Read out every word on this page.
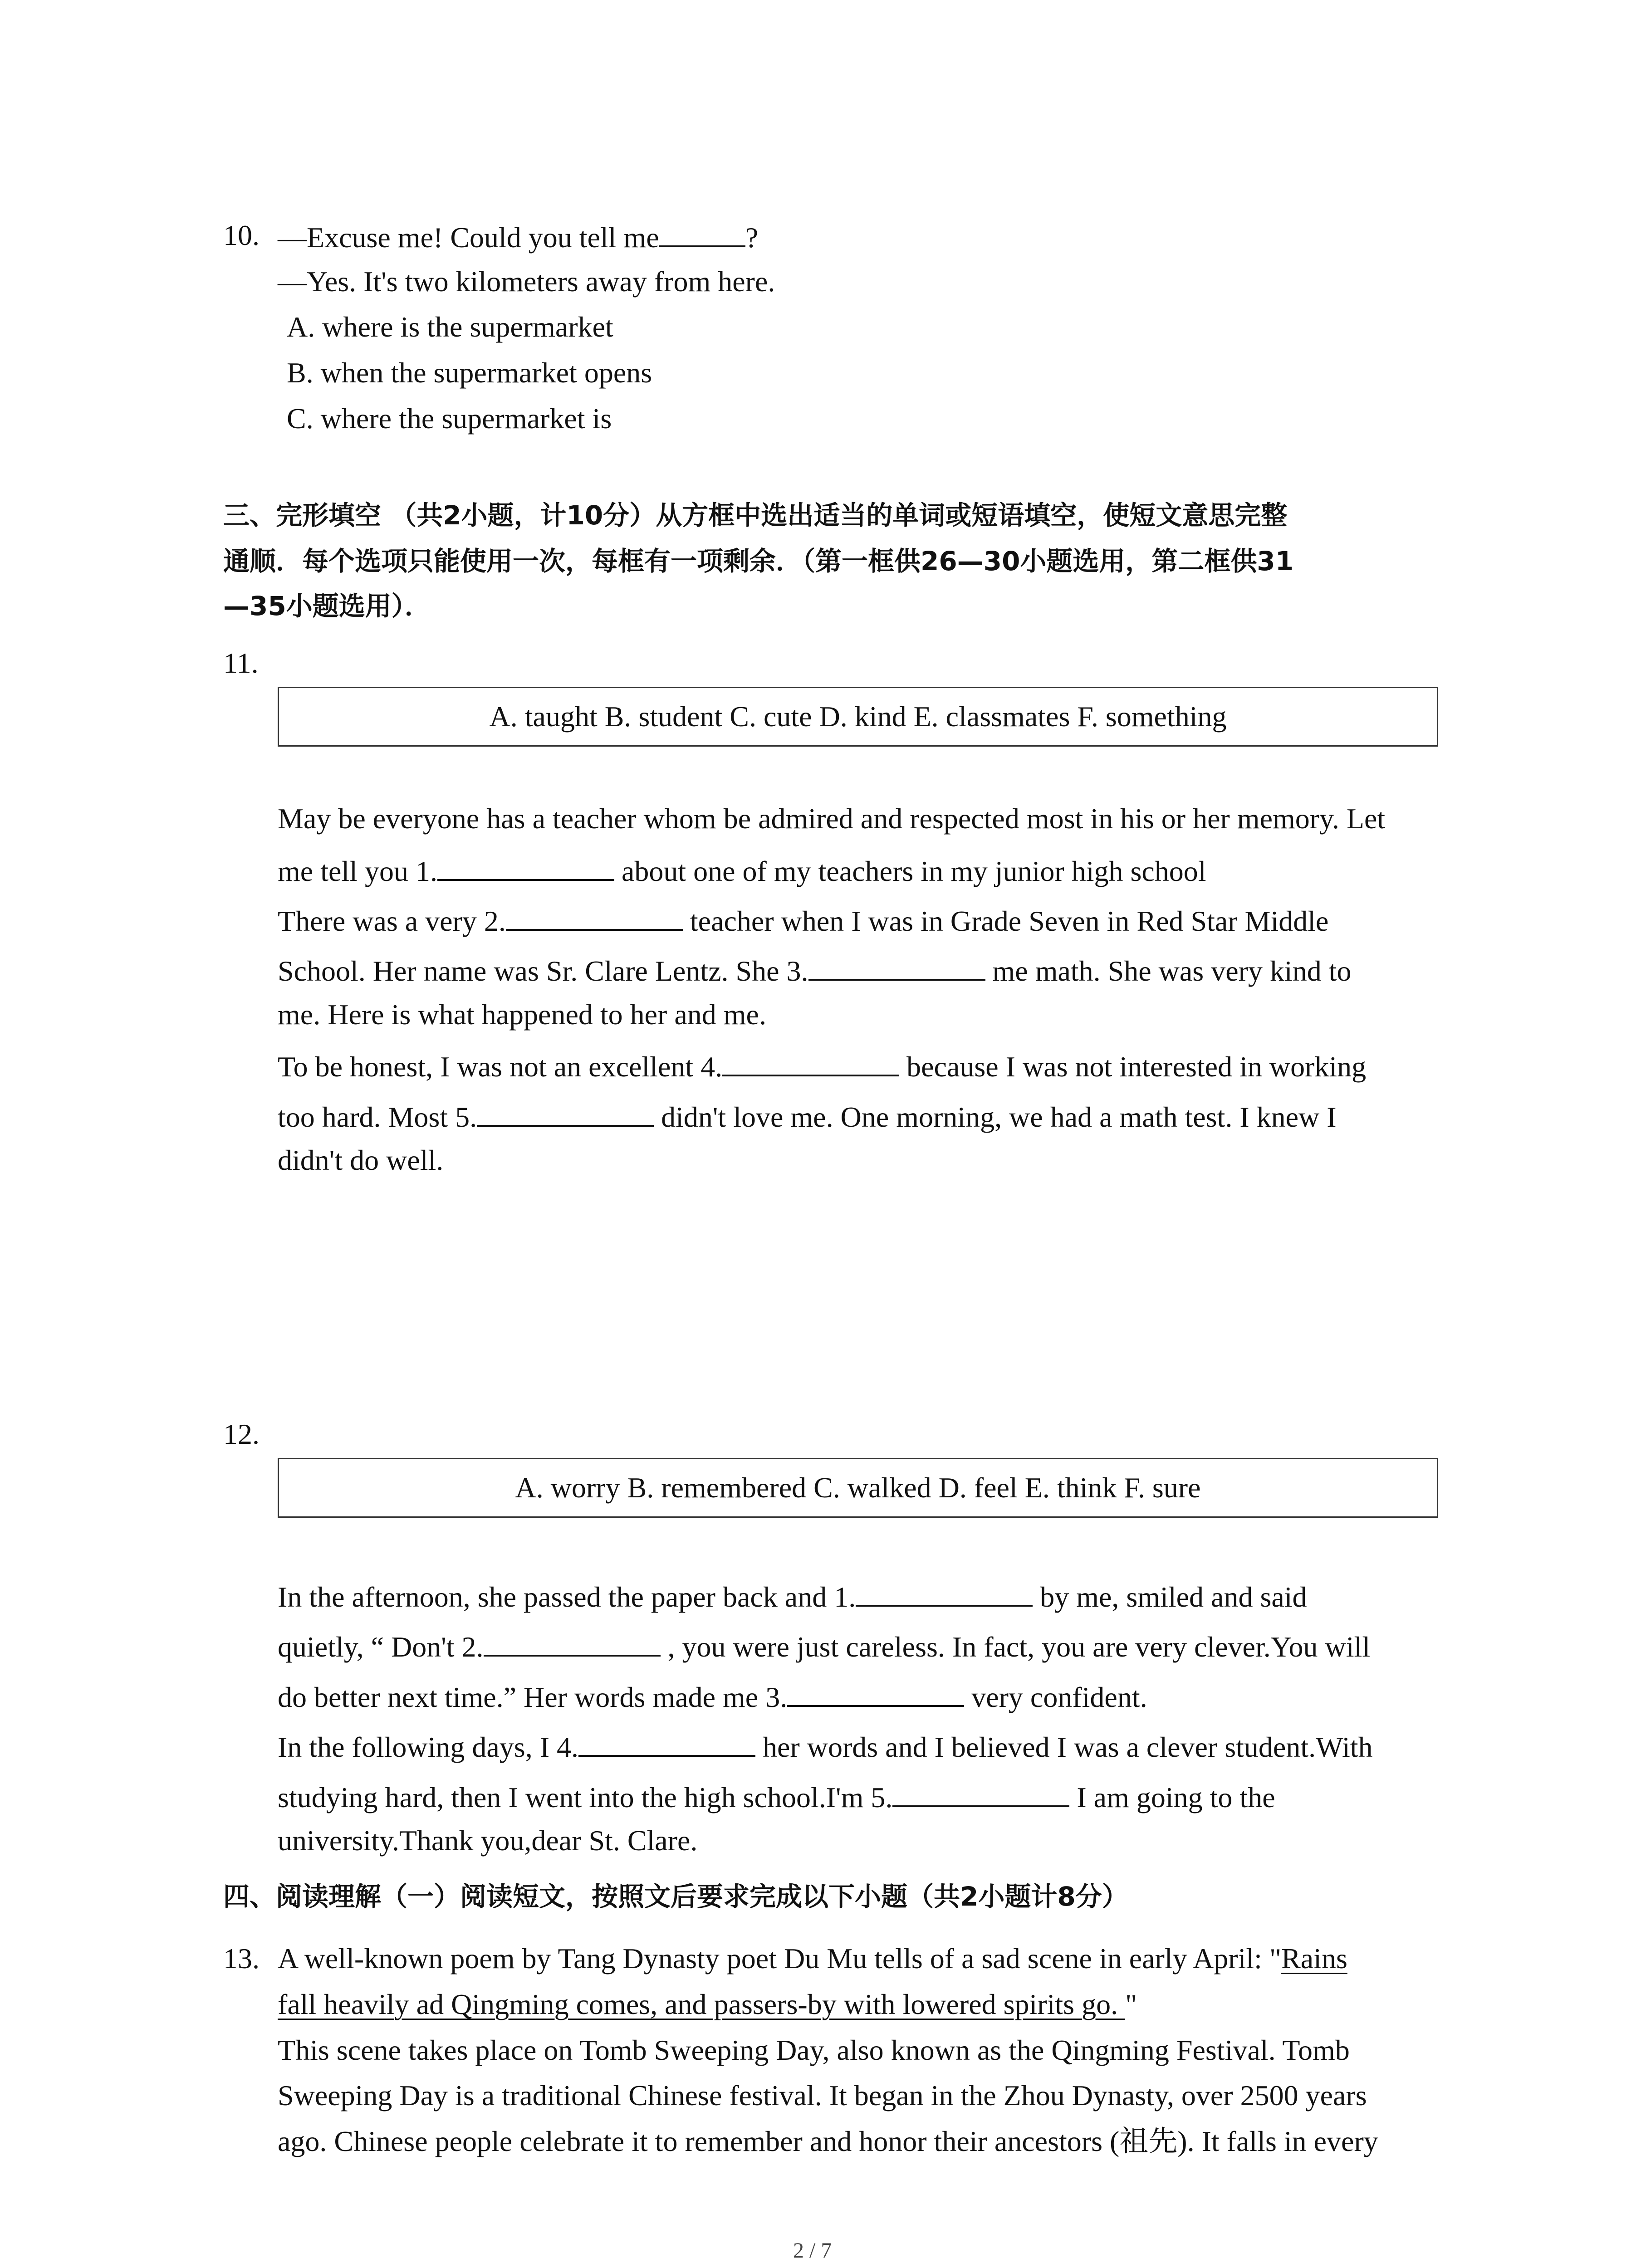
10. —Excuse me! Could you tell me	?
—Yes. It's two kilometers away from here.
A. where is the supermarket
B. when the supermarket opens
C. where the supermarket is
三、完形填空 （共2小题，计10分）从方框中选出适当的单词或短语填空，使短文意思完整
通顺．每个选项只能使用一次，每框有一项剩余．（第一框供26—30小题选用，第二框供31
—35小题选用）．
11.
A. taught B. student C. cute D. kind E. classmates F. something
May be everyone has a teacher whom be admired and respected most in his or her memory. Let
me tell you 1.	about one of my teachers in my junior high school
There was a very 2.	teacher when I was in Grade Seven in Red Star Middle
School. Her name was Sr. Clare Lentz. She 3.	me math. She was very kind to
me. Here is what happened to her and me.
To be honest, I was not an excellent 4.	because I was not interested in working
too hard. Most 5.	didn't love me. One morning, we had a math test. I knew I
didn't do well.
12.
A. worry B. remembered C. walked D. feel E. think F. sure
In the afternoon, she passed the paper back and 1.	by me, smiled and said
quietly, “ Don't 2.	, you were just careless. In fact, you are very clever.You will
do better next time.” Her words made me 3.	very confident.
In the following days, I 4.	her words and I believed I was a clever student.With
studying hard, then I went into the high school.I'm 5.	I am going to the
university.Thank you,dear St. Clare.
四、阅读理解（一）阅读短文，按照文后要求完成以下小题（共2小题计8分）
13. A well-known poem by Tang Dynasty poet Du Mu tells of a sad scene in early April: "Rains
fall heavily ad Qingming comes, and passers-by with lowered spirits go. "
This scene takes place on Tomb Sweeping Day, also known as the Qingming Festival. Tomb
Sweeping Day is a traditional Chinese festival. It began in the Zhou Dynasty, over 2500 years
ago. Chinese people celebrate it to remember and honor their ancestors (祖先). It falls in every
2 / 7
